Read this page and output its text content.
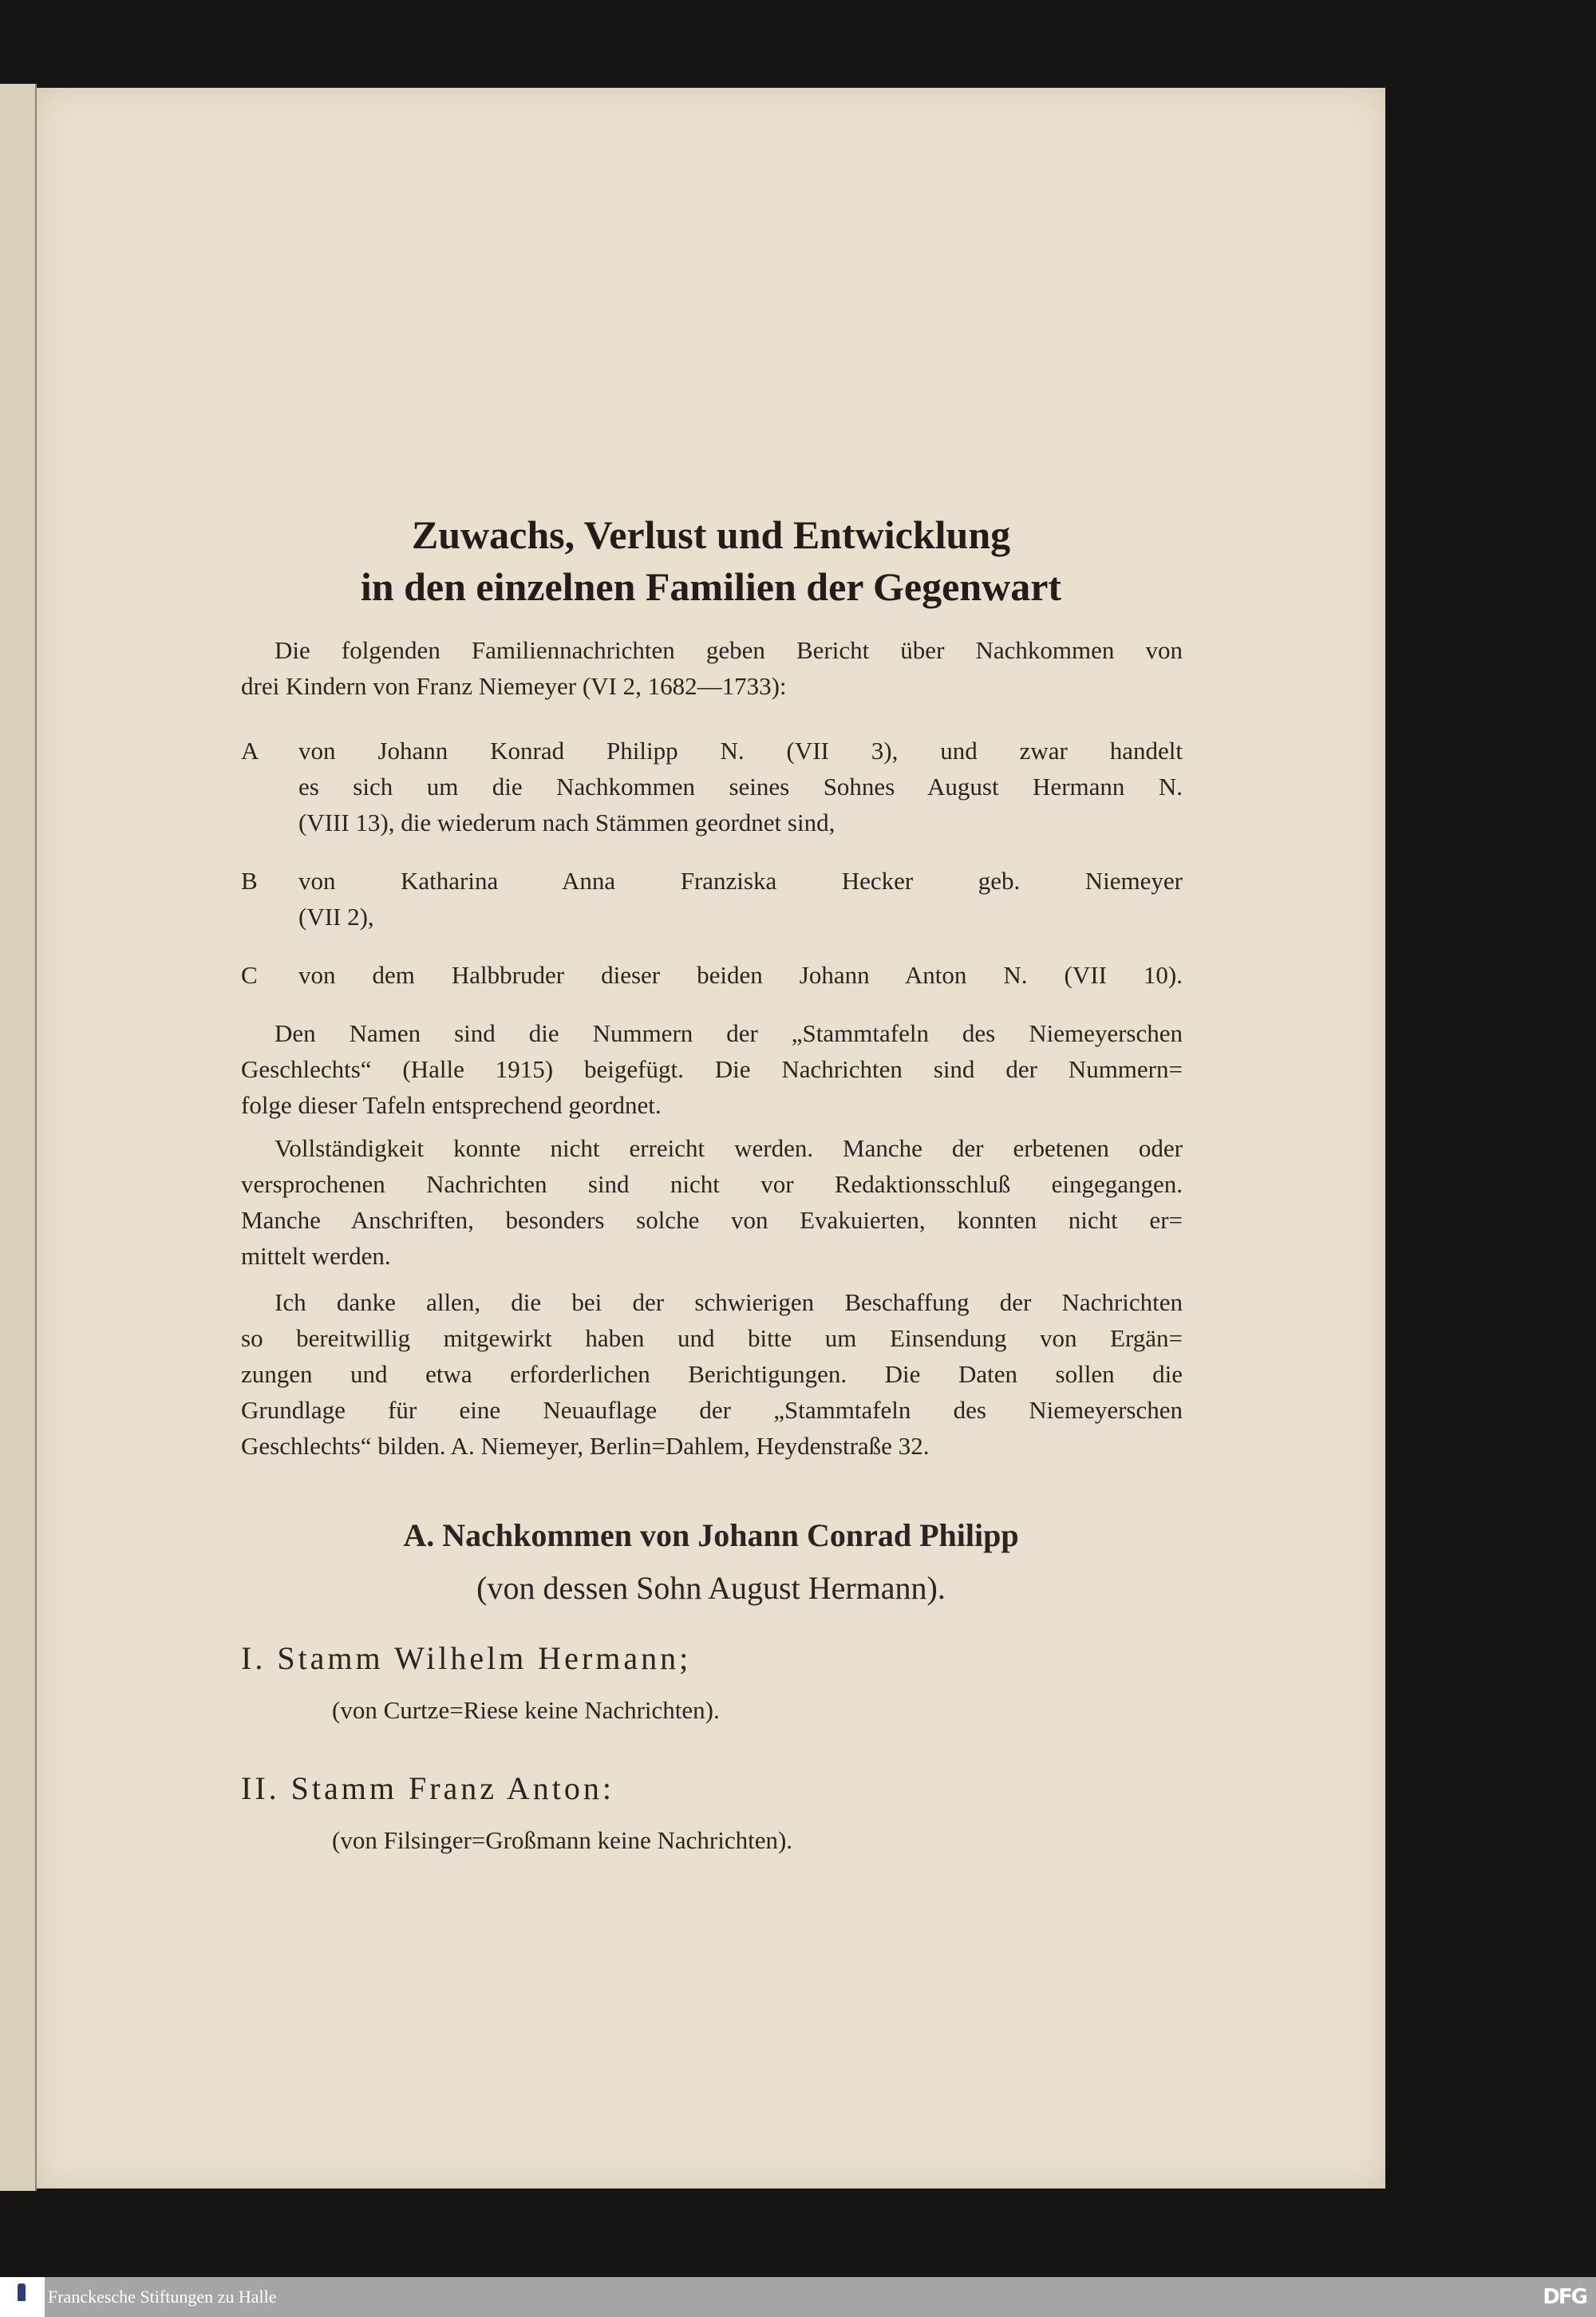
Zuwachs, Verlust und Entwicklung
in den einzelnen Familien der Gegenwart
Die folgenden Familiennachrichten geben Bericht über Nachkommen von
drei Kindern von Franz Niemeyer (VI 2, 1682—1733):
A von Johann Konrad Philipp N. (VII 3), und zwar handelt
es sich um die Nachkommen seines Sohnes August Hermann N.
(VIII 13), die wiederum nach Stämmen geordnet sind,
B von Katharina Anna Franziska Hecker geb. Niemeyer
(VII 2),
C von dem Halbbruder dieser beiden Johann Anton N. (VII 10).
Den Namen sind die Nummern der „Stammtafeln des Niemeyerschen
Geschlechts“ (Halle 1915) beigefügt. Die Nachrichten sind der Nummern=
folge dieser Tafeln entsprechend geordnet.
Vollständigkeit konnte nicht erreicht werden. Manche der erbetenen oder
versprochenen Nachrichten sind nicht vor Redaktionsschluß eingegangen.
Manche Anschriften, besonders solche von Evakuierten, konnten nicht er=
mittelt werden.
Ich danke allen, die bei der schwierigen Beschaffung der Nachrichten
so bereitwillig mitgewirkt haben und bitte um Einsendung von Ergän=
zungen und etwa erforderlichen Berichtigungen. Die Daten sollen die
Grundlage für eine Neuauflage der „Stammtafeln des Niemeyerschen
Geschlechts“ bilden. A. Niemeyer, Berlin=Dahlem, Heydenstraße 32.
A. Nachkommen von Johann Conrad Philipp
(von dessen Sohn August Hermann).
I. Stamm Wilhelm Hermann;
(von Curtze=Riese keine Nachrichten).
II. Stamm Franz Anton:
(von Filsinger=Großmann keine Nachrichten).
Franckesche Stiftungen zu Halle	DFG
